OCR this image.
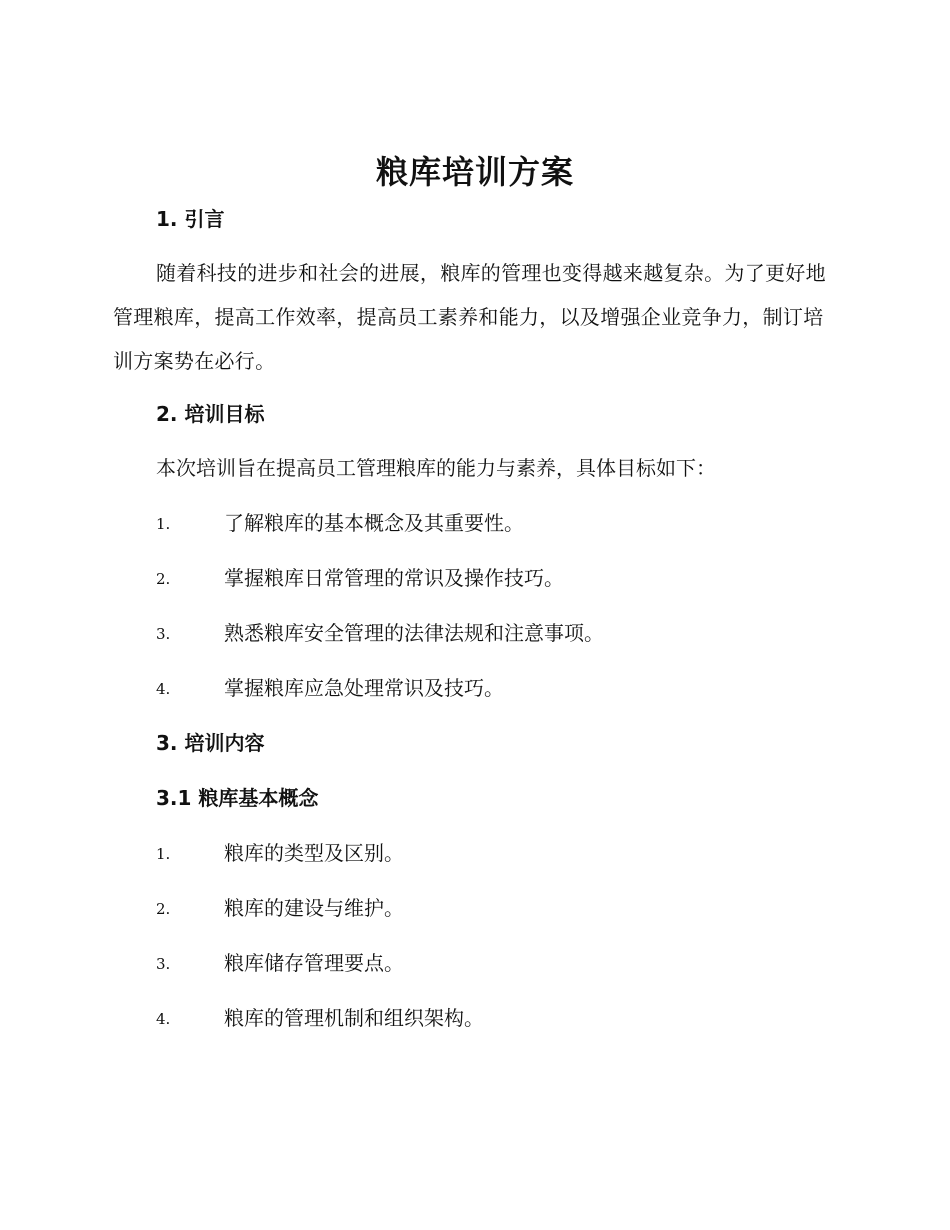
粮库培训方案
1. 引言
随着科技的进步和社会的进展，粮库的管理也变得越来越复杂。为了更好地管理粮库，提高工作效率，提高员工素养和能力，以及增强企业竞争力，制订培训方案势在必行。
2. 培训目标
本次培训旨在提高员工管理粮库的能力与素养，具体目标如下：
1.	了解粮库的基本概念及其重要性。
2.	掌握粮库日常管理的常识及操作技巧。
3.	熟悉粮库安全管理的法律法规和注意事项。
4.	掌握粮库应急处理常识及技巧。
3. 培训内容
3.1 粮库基本概念
1.	粮库的类型及区别。
2.	粮库的建设与维护。
3.	粮库储存管理要点。
4.	粮库的管理机制和组织架构。
